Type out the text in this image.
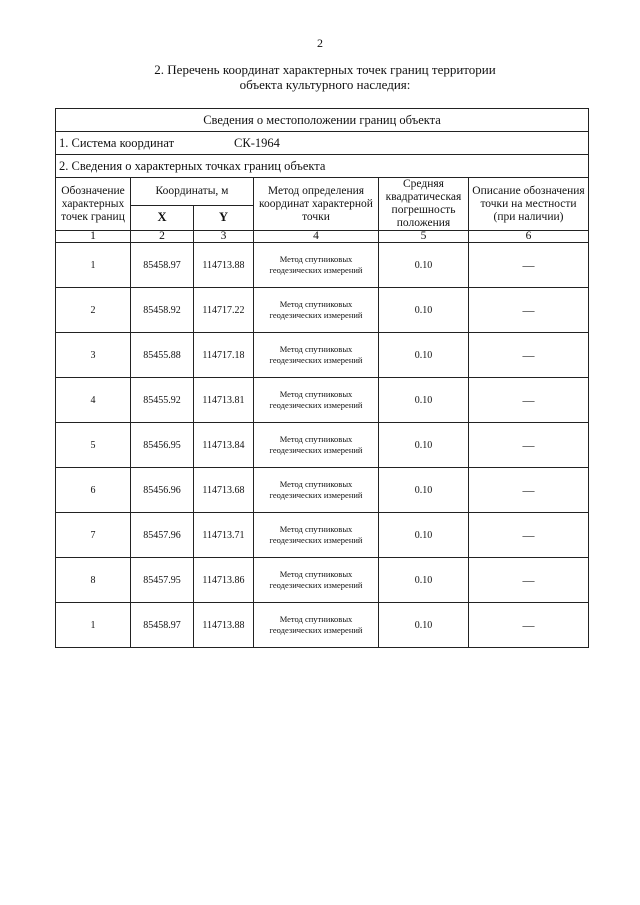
2
2. Перечень координат характерных точек границ территории
объекта культурного наследия:
Сведения о местоположении границ объекта					
1. Система координат СК-1964					
2. Сведения о характерных точках границ объекта					
Обозначение характерных точек границ	Координаты, м		Метод определения координат характерной точки	Средняя квадратическая погрешность положения	Описание обозначения точки на местности (при наличии)
	X	Y			
1	2	3	4	5	6
1	85458.97	114713.88	Метод спутниковых геодезических измерений	0.10	—
2	85458.92	114717.22	Метод спутниковых геодезических измерений	0.10	—
3	85455.88	114717.18	Метод спутниковых геодезических измерений	0.10	—
4	85455.92	114713.81	Метод спутниковых геодезических измерений	0.10	—
5	85456.95	114713.84	Метод спутниковых геодезических измерений	0.10	—
6	85456.96	114713.68	Метод спутниковых геодезических измерений	0.10	—
7	85457.96	114713.71	Метод спутниковых геодезических измерений	0.10	—
8	85457.95	114713.86	Метод спутниковых геодезических измерений	0.10	—
1	85458.97	114713.88	Метод спутниковых геодезических измерений	0.10	—
